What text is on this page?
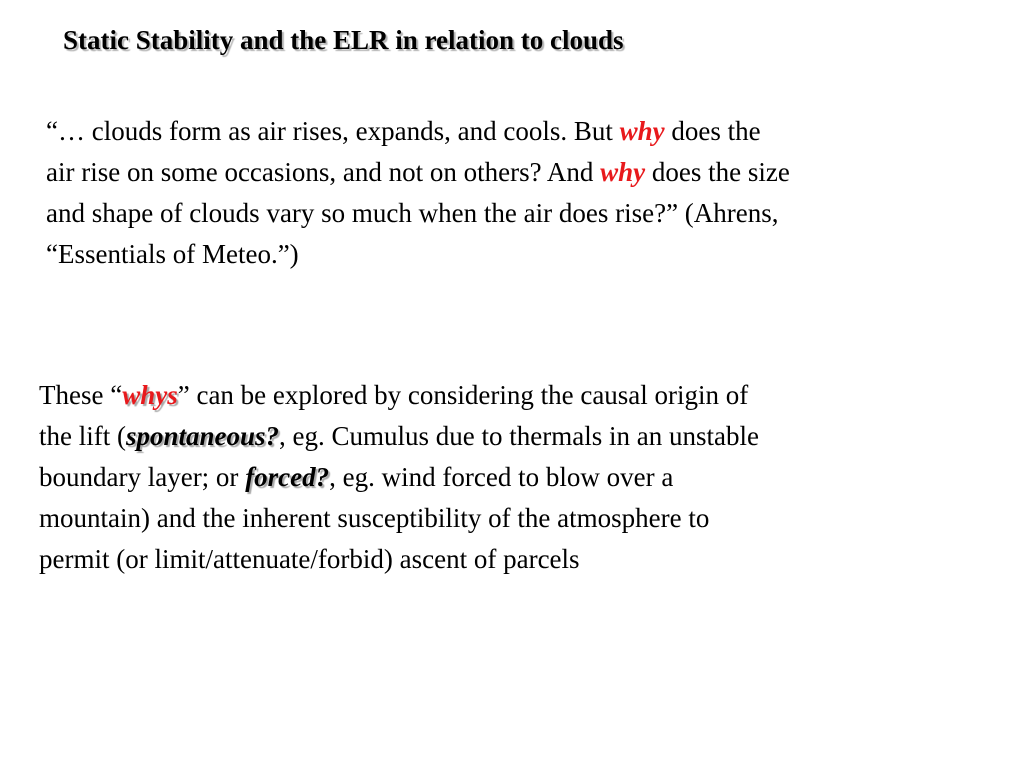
Static Stability and the ELR in relation to clouds
“… clouds form as air rises, expands, and cools. But why does the
air rise on some occasions, and not on others? And why does the size
and shape of clouds vary so much when the air does rise?” (Ahrens,
“Essentials of Meteo.”)
These “whys” can be explored by considering the causal origin of
the lift (spontaneous?, eg. Cumulus due to thermals in an unstable
boundary layer; or forced?, eg. wind forced to blow over a
mountain) and the inherent susceptibility of the atmosphere to
permit (or limit/attenuate/forbid) ascent of parcels
